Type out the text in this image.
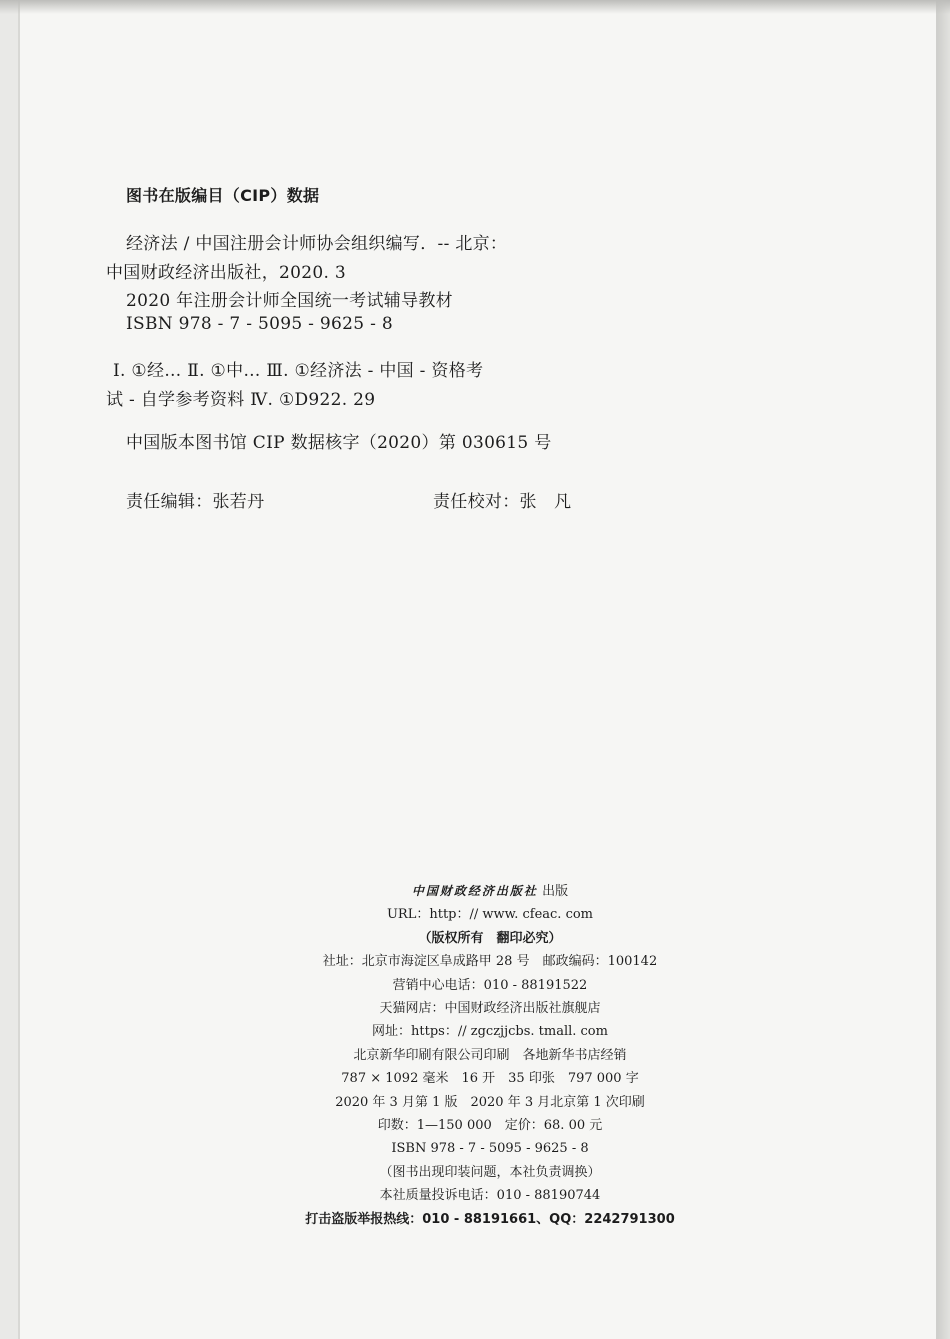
图书在版编目（CIP）数据
经济法 / 中国注册会计师协会组织编写．-- 北京：
中国财政经济出版社，2020. 3
2020 年注册会计师全国统一考试辅导教材
ISBN 978 - 7 - 5095 - 9625 - 8
Ⅰ. ①经… Ⅱ. ①中… Ⅲ. ①经济法 - 中国 - 资格考
试 - 自学参考资料 Ⅳ. ①D922. 29
中国版本图书馆 CIP 数据核字（2020）第 030615 号
责任编辑：张若丹	责任校对：张　凡
中国财政经济出版社 出版
URL：http：// www. cfeac. com
（版权所有　翻印必究）
社址：北京市海淀区阜成路甲 28 号　邮政编码：100142
营销中心电话：010 - 88191522
天猫网店：中国财政经济出版社旗舰店
网址：https：// zgczjjcbs. tmall. com
北京新华印刷有限公司印刷　各地新华书店经销
787 × 1092 毫米　16 开　35 印张　797 000 字
2020 年 3 月第 1 版　2020 年 3 月北京第 1 次印刷
印数：1—150 000　定价：68. 00 元
ISBN 978 - 7 - 5095 - 9625 - 8
（图书出现印装问题，本社负责调换）
本社质量投诉电话：010 - 88190744
打击盗版举报热线：010 - 88191661、QQ：2242791300
